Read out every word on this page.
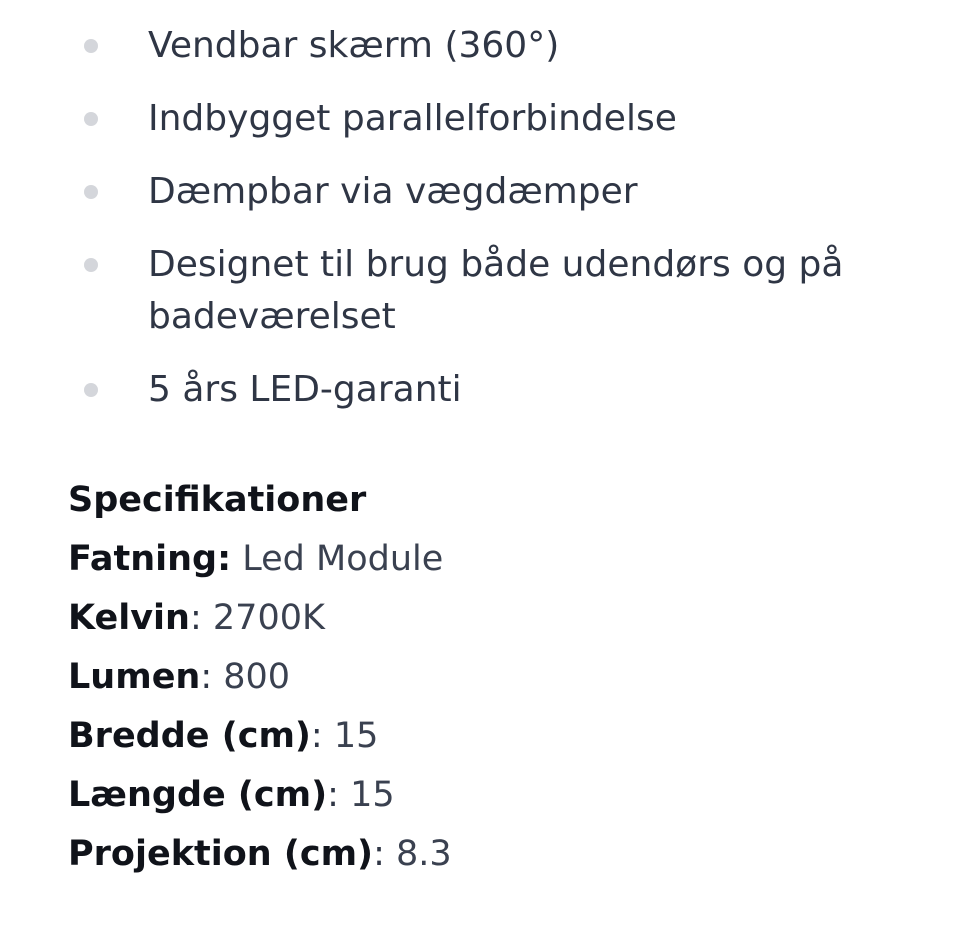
Vendbar skærm (360°)
Indbygget parallelforbindelse
Dæmpbar via vægdæmper
Designet til brug både udendørs og på badeværelset
5 års LED-garanti
Specifikationer
Fatning: Led Module
Kelvin: 2700K
Lumen: 800
Bredde (cm): 15
Længde (cm): 15
Projektion (cm): 8.3
